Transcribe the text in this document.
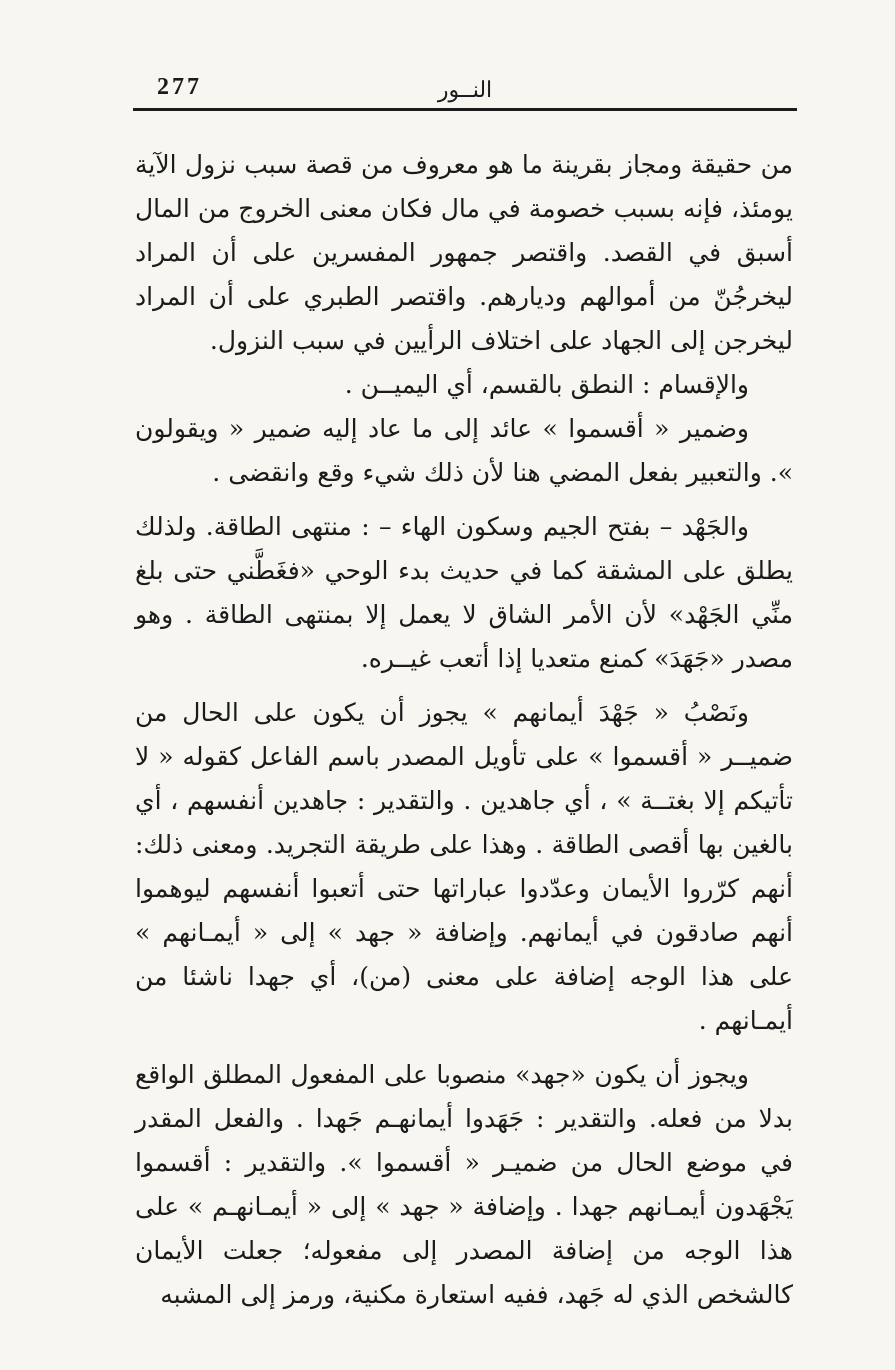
277	النــور

من حقيقة ومجاز بقرينة ما هو معروف من قصة سبب نزول الآية يومئذ، فإنه بسبب خصومة في مال فكان معنى الخروج من المال أسبق في القصد. واقتصر جمهور المفسرين على أن المراد ليخرجُنّ من أموالهم وديارهم. واقتصر الطبري على أن المراد ليخرجن إلى الجهاد على اختلاف الرأيين في سبب النزول.

والإقسام : النطق بالقسم، أي اليميــن .

وضمير « أقسموا » عائد إلى ما عاد إليه ضمير « ويقولون ». والتعبير بفعل المضي هنا لأن ذلك شيء وقع وانقضى .

والجَهْد – بفتح الجيم وسكون الهاء – : منتهى الطاقة. ولذلك يطلق على المشقة كما في حديث بدء الوحي «فغَطَّني حتى بلغ منِّي الجَهْد» لأن الأمر الشاق لا يعمل إلا بمنتهى الطاقة . وهو مصدر «جَهَدَ» كمنع متعديا إذا أتعب غيــره.

ونَصْبُ « جَهْدَ أيمانهم » يجوز أن يكون على الحال من ضميــر « أقسموا » على تأويل المصدر باسم الفاعل كقوله « لا تأتيكم إلا بغتــة » ، أي جاهدين . والتقدير : جاهدين أنفسهم ، أي بالغين بها أقصى الطاقة . وهذا على طريقة التجريد. ومعنى ذلك: أنهم كرّروا الأيمان وعدّدوا عباراتها حتى أتعبوا أنفسهم ليوهموا أنهم صادقون في أيمانهم. وإضافة « جهد » إلى « أيمـانهم » على هذا الوجه إضافة على معنى (من)، أي جهدا ناشئا من أيمـانهم .

ويجوز أن يكون «جهد» منصوبا على المفعول المطلق الواقع بدلا من فعله. والتقدير : جَهَدوا أيمانهـم جَهدا . والفعل المقدر في موضع الحال من ضميـر « أقسموا ». والتقدير : أقسموا يَجْهَدون أيمـانهم جهدا . وإضافة « جهد » إلى « أيمـانهـم » على هذا الوجه من إضافة المصدر إلى مفعوله؛ جعلت الأيمان كالشخص الذي له جَهد، ففيه استعارة مكنية، ورمز إلى المشبه
